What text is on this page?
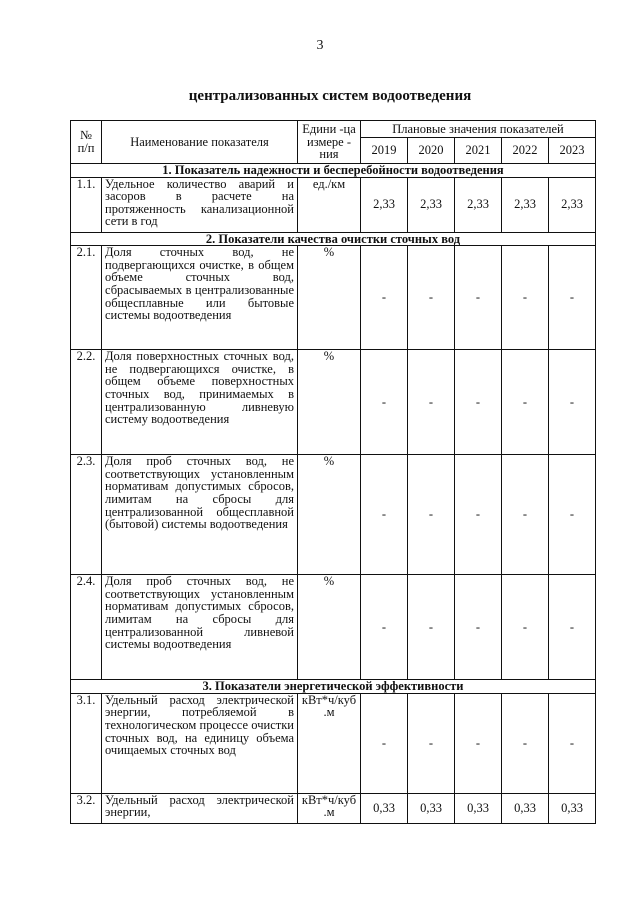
3
централизованных систем водоотведения
№ п/п	Наименование показателя	Едини -ца измере - ния	Плановые значения показателей				
			2019	2020	2021	2022	2023
1. Показатель надежности и бесперебойности водоотведения							
1.1.	Удельное количество аварий и засоров в расчете на протяженность канализационной сети в год	ед./км	2,33	2,33	2,33	2,33	2,33
2. Показатели качества очистки сточных вод							
2.1.	Доля сточных вод, не подвергающихся очистке, в общем объеме сточных вод, сбрасываемых в централизованные общесплавные или бытовые системы водоотведения	%	-	-	-	-	-
2.2.	Доля поверхностных сточных вод, не подвергающихся очистке, в общем объеме поверхностных сточных вод, принимаемых в централизованную ливневую систему водоотведения	%	-	-	-	-	-
2.3.	Доля проб сточных вод, не соответствующих установленным нормативам допустимых сбросов, лимитам на сбросы для централизованной общесплавной (бытовой) системы водоотведения	%	-	-	-	-	-
2.4.	Доля проб сточных вод, не соответствующих установленным нормативам допустимых сбросов, лимитам на сбросы для централизованной ливневой системы водоотведения	%	-	-	-	-	-
3. Показатели энергетической эффективности							
3.1.	Удельный расход электрической энергии, потребляемой в технологическом процессе очистки сточных вод, на единицу объема очищаемых сточных вод	кВт*ч/куб .м	-	-	-	-	-
3.2.	Удельный расход электрической энергии,	кВт*ч/куб .м	0,33	0,33	0,33	0,33	0,33
